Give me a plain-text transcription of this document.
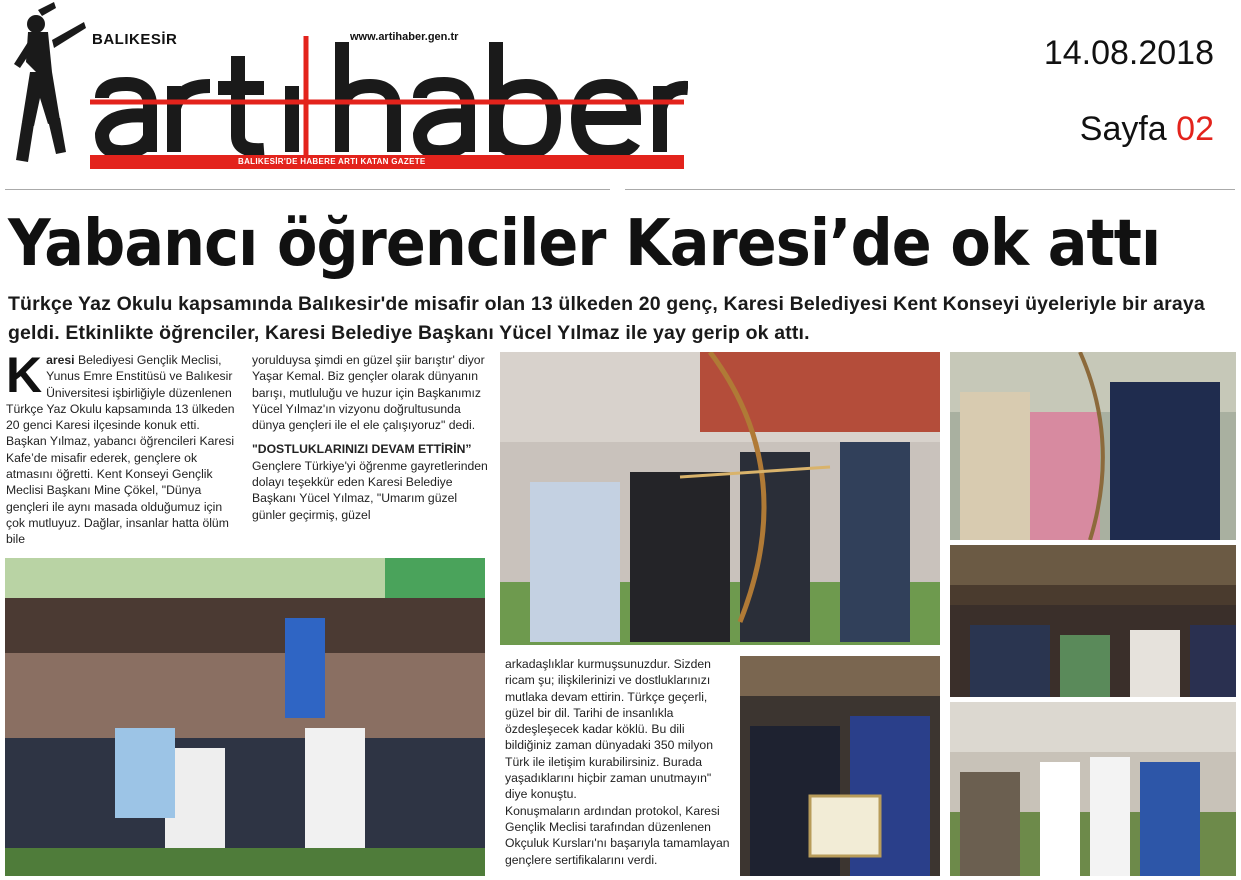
BALIKESİR	www.artihaber.gen.tr
BALIKESİR'DE HABERE ARTI KATAN GAZETE
14.08.2018
Sayfa 02
Yabancı öğrenciler Karesi’de ok attı
Türkçe Yaz Okulu kapsamında Balıkesir'de misafir olan 13 ülkeden 20 genç, Karesi Belediyesi Kent Konseyi üyeleriyle bir araya geldi. Etkinlikte öğrenciler, Karesi Belediye Başkanı Yücel Yılmaz ile yay gerip ok attı.

Karesi Belediyesi Gençlik Meclisi, Yunus Emre Enstitüsü ve Balıkesir Üniversitesi işbirliğiyle düzenlenen Türkçe Yaz Okulu kapsamında 13 ülkeden 20 genci Karesi ilçesinde konuk etti. Başkan Yılmaz, yabancı öğrencileri Karesi Kafe’de misafir ederek, gençlere ok atmasını öğretti. Kent Konseyi Gençlik Meclisi Başkanı Mine Çökel, "Dünya gençleri ile aynı masada olduğumuz için çok mutluyuz. Dağlar, insanlar hatta ölüm bile

yorulduysa şimdi en güzel şiir barıştır' diyor Yaşar Kemal. Biz gençler olarak dünyanın barışı, mutluluğu ve huzur için Başkanımız Yücel Yılmaz'ın vizyonu doğrultusunda dünya gençleri ile el ele çalışıyoruz" dedi.

"DOSTLUKLARINIZI DEVAM ETTİRİN”

Gençlere Türkiye'yi öğrenme gayretlerinden dolayı teşekkür eden Karesi Belediye Başkanı Yücel Yılmaz, "Umarım güzel günler geçirmiş, güzel

arkadaşlıklar kurmuşsunuzdur. Sizden ricam şu; ilişkilerinizi ve dostluklarınızı mutlaka devam ettirin. Türkçe geçerli, güzel bir dil. Tarihi de insanlıkla özdeşleşecek kadar köklü. Bu dili bildiğiniz zaman dünyadaki 350 milyon Türk ile iletişim kurabilirsiniz. Burada yaşadıklarını hiçbir zaman unutmayın" diye konuştu.

Konuşmaların ardından protokol, Karesi Gençlik Meclisi tarafından düzenlenen Okçuluk Kursları'nı başarıyla tamamlayan gençlere sertifikalarını verdi.
